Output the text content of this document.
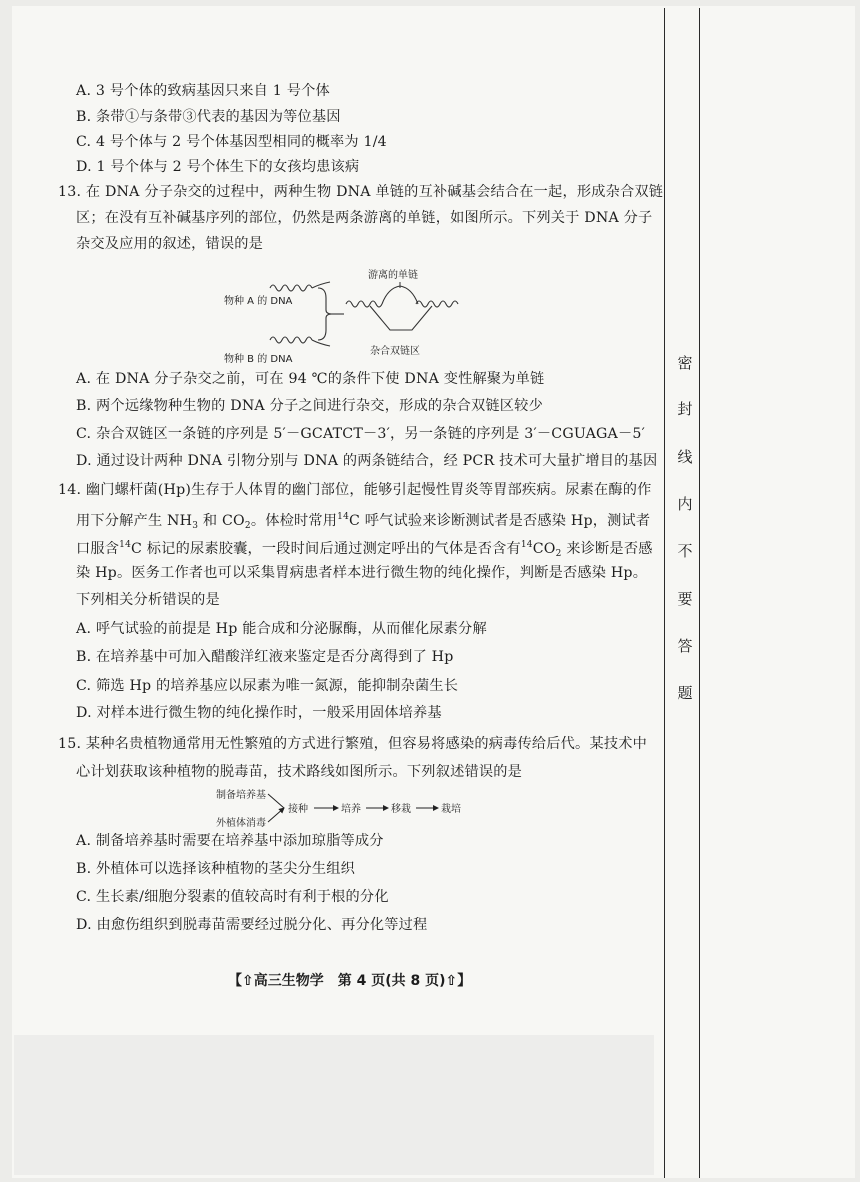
密
封
线
内
不
要
答
题
A. 3 号个体的致病基因只来自 1 号个体
B. 条带①与条带③代表的基因为等位基因
C. 4 号个体与 2 号个体基因型相同的概率为 1/4
D. 1 号个体与 2 号个体生下的女孩均患该病
13. 在 DNA 分子杂交的过程中，两种生物 DNA 单链的互补碱基会结合在一起，形成杂合双链
区；在没有互补碱基序列的部位，仍然是两条游离的单链，如图所示。下列关于 DNA 分子
杂交及应用的叙述，错误的是
游离的单链
物种 A 的 DNA
物种 B 的 DNA
杂合双链区
A. 在 DNA 分子杂交之前，可在 94 ℃的条件下使 DNA 变性解聚为单链
B. 两个远缘物种生物的 DNA 分子之间进行杂交，形成的杂合双链区较少
C. 杂合双链区一条链的序列是 5′－GCATCT－3′，另一条链的序列是 3′－CGUAGA－5′
D. 通过设计两种 DNA 引物分别与 DNA 的两条链结合，经 PCR 技术可大量扩增目的基因
14. 幽门螺杆菌(Hp)生存于人体胃的幽门部位，能够引起慢性胃炎等胃部疾病。尿素在酶的作
用下分解产生 $NH_3$ 和 $CO_2$。体检时常用$^{14}$C 呼气试验来诊断测试者是否感染 Hp，测试者
口服含$^{14}$C 标记的尿素胶囊，一段时间后通过测定呼出的气体是否含有$^{14}CO_2$ 来诊断是否感
染 Hp。医务工作者也可以采集胃病患者样本进行微生物的纯化操作，判断是否感染 Hp。
下列相关分析错误的是
A. 呼气试验的前提是 Hp 能合成和分泌脲酶，从而催化尿素分解
B. 在培养基中可加入醋酸洋红液来鉴定是否分离得到了 Hp
C. 筛选 Hp 的培养基应以尿素为唯一氮源，能抑制杂菌生长
D. 对样本进行微生物的纯化操作时，一般采用固体培养基
15. 某种名贵植物通常用无性繁殖的方式进行繁殖，但容易将感染的病毒传给后代。某技术中
心计划获取该种植物的脱毒苗，技术路线如图所示。下列叙述错误的是
制备培养基
外植体消毒
接种	培养	移栽	栽培
A. 制备培养基时需要在培养基中添加琼脂等成分
B. 外植体可以选择该种植物的茎尖分生组织
C. 生长素/细胞分裂素的值较高时有利于根的分化
D. 由愈伤组织到脱毒苗需要经过脱分化、再分化等过程
【⇧高三生物学　第 4 页(共 8 页)⇧】
